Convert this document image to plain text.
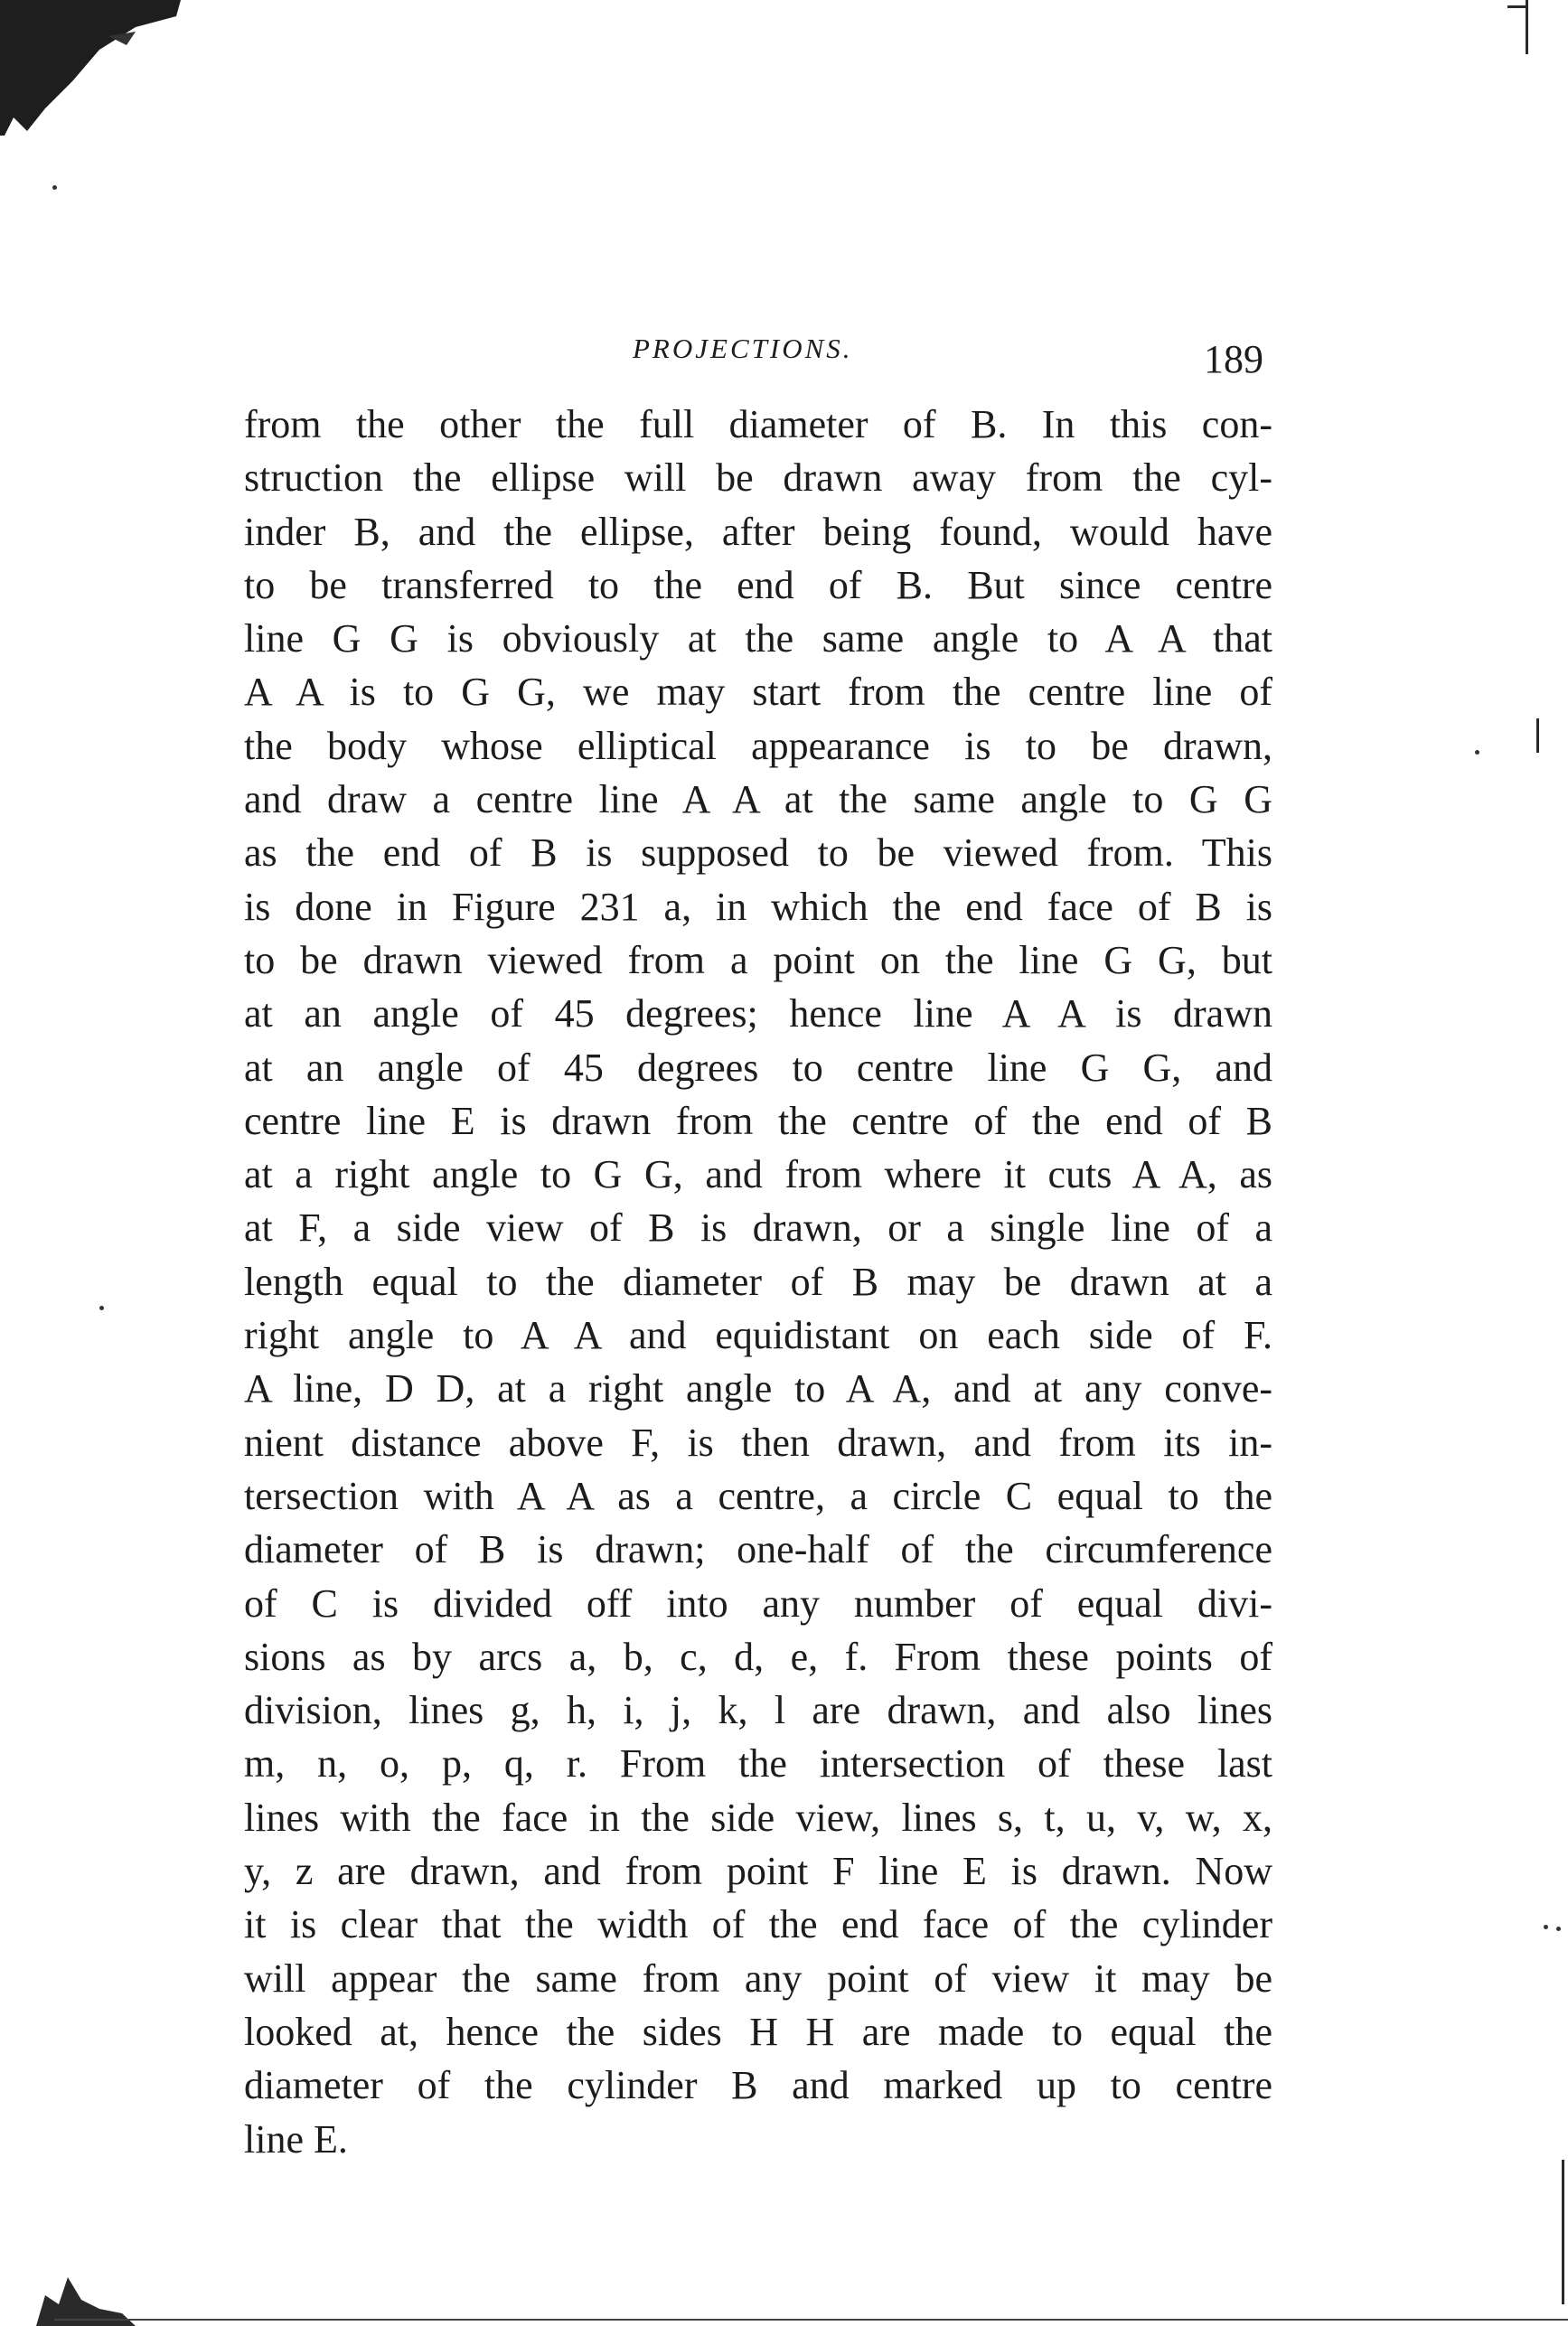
PROJECTIONS.	189
from the other the full diameter of B. In this con-
struction the ellipse will be drawn away from the cyl-
inder B, and the ellipse, after being found, would have
to be transferred to the end of B. But since centre
line G G is obviously at the same angle to A A that
A A is to G G, we may start from the centre line of
the body whose elliptical appearance is to be drawn,
and draw a centre line A A at the same angle to G G
as the end of B is supposed to be viewed from. This
is done in Figure 231 a, in which the end face of B is
to be drawn viewed from a point on the line G G, but
at an angle of 45 degrees; hence line A A is drawn
at an angle of 45 degrees to centre line G G, and
centre line E is drawn from the centre of the end of B
at a right angle to G G, and from where it cuts A A, as
at F, a side view of B is drawn, or a single line of a
length equal to the diameter of B may be drawn at a
right angle to A A and equidistant on each side of F.
A line, D D, at a right angle to A A, and at any conve-
nient distance above F, is then drawn, and from its in-
tersection with A A as a centre, a circle C equal to the
diameter of B is drawn; one-half of the circumference
of C is divided off into any number of equal divi-
sions as by arcs a, b, c, d, e, f. From these points of
division, lines g, h, i, j, k, l are drawn, and also lines
m, n, o, p, q, r. From the intersection of these last
lines with the face in the side view, lines s, t, u, v, w, x,
y, z are drawn, and from point F line E is drawn. Now
it is clear that the width of the end face of the cylinder
will appear the same from any point of view it may be
looked at, hence the sides H H are made to equal the
diameter of the cylinder B and marked up to centre
line E.
